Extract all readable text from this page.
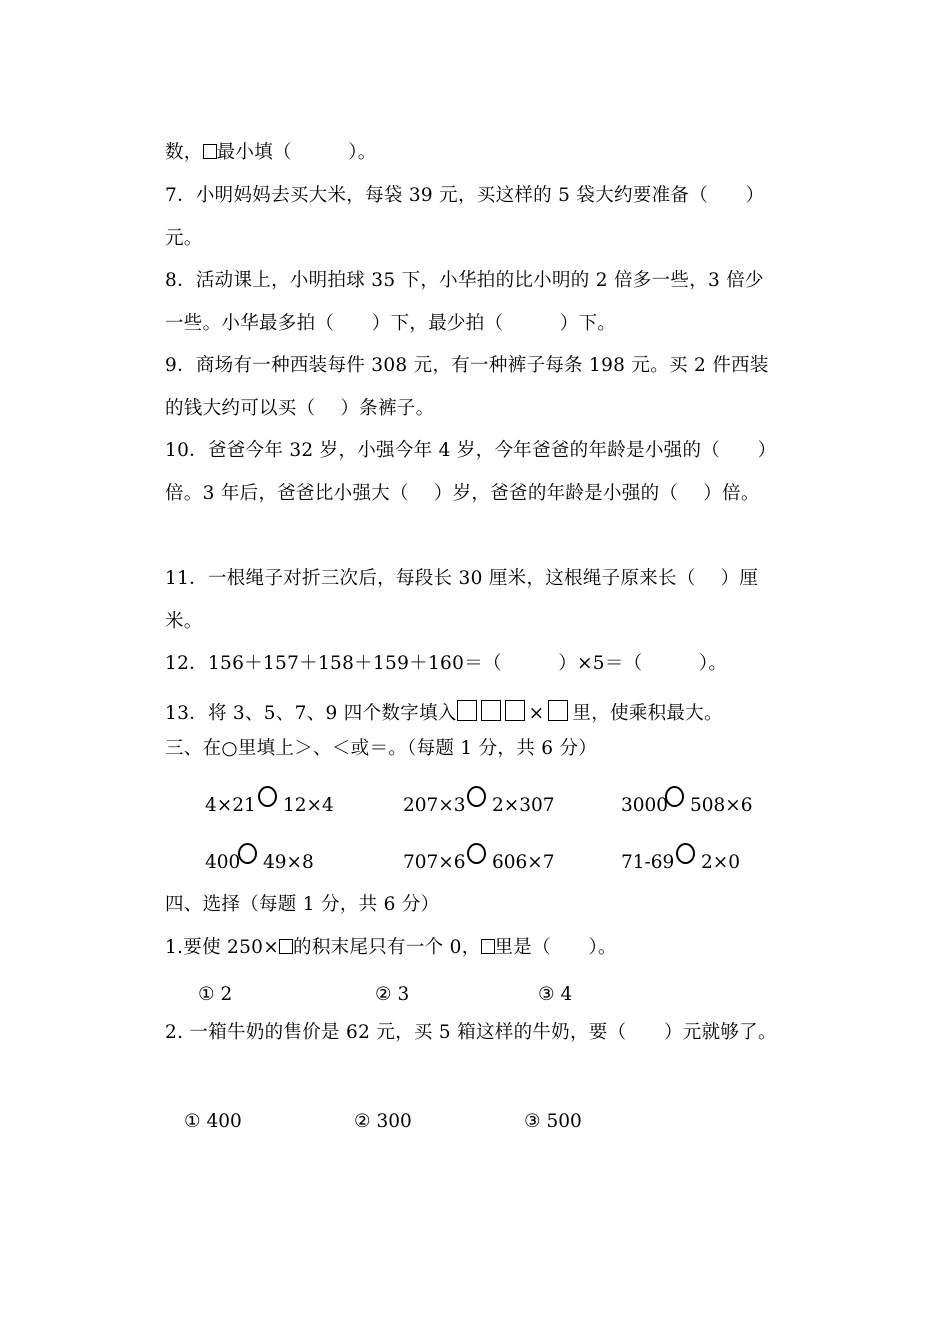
数， 最小填（　　　）。
7．小明妈妈去买大米，每袋 39 元，买这样的 5 袋大约要准备（　　）
元。
8．活动课上，小明拍球 35 下，小华拍的比小明的 2 倍多一些，3 倍少
一些。小华最多拍（　　）下，最少拍（　　　）下。
9．商场有一种西装每件 308 元，有一种裤子每条 198 元。买 2 件西装
的钱大约可以买（　 ）条裤子。
10．爸爸今年 32 岁，小强今年 4 岁，今年爸爸的年龄是小强的（　　）
倍。3 年后，爸爸比小强大（　 ）岁，爸爸的年龄是小强的（　 ）倍。
11．一根绳子对折三次后，每段长 30 厘米，这根绳子原来长（　 ）厘
米。
12．156＋157＋158＋159＋160＝（　　　）×5＝（　　　）。
13．将 3、5、7、9 四个数字填入	× 里，使乘积最大。
三、在○里填上＞、＜或＝。（每题 1 分，共 6 分）
4×21 12×4	207×3 2×307	3000 508×6
400 49×8	707×6 606×7	71-69 2×0
四、选择（每题 1 分，共 6 分）
1.要使 250× 的积末尾只有一个 0， 里是（　　）。
① 2	② 3	③ 4
2. 一箱牛奶的售价是 62 元，买 5 箱这样的牛奶，要（　　）元就够了。
① 400	② 300	③ 500
